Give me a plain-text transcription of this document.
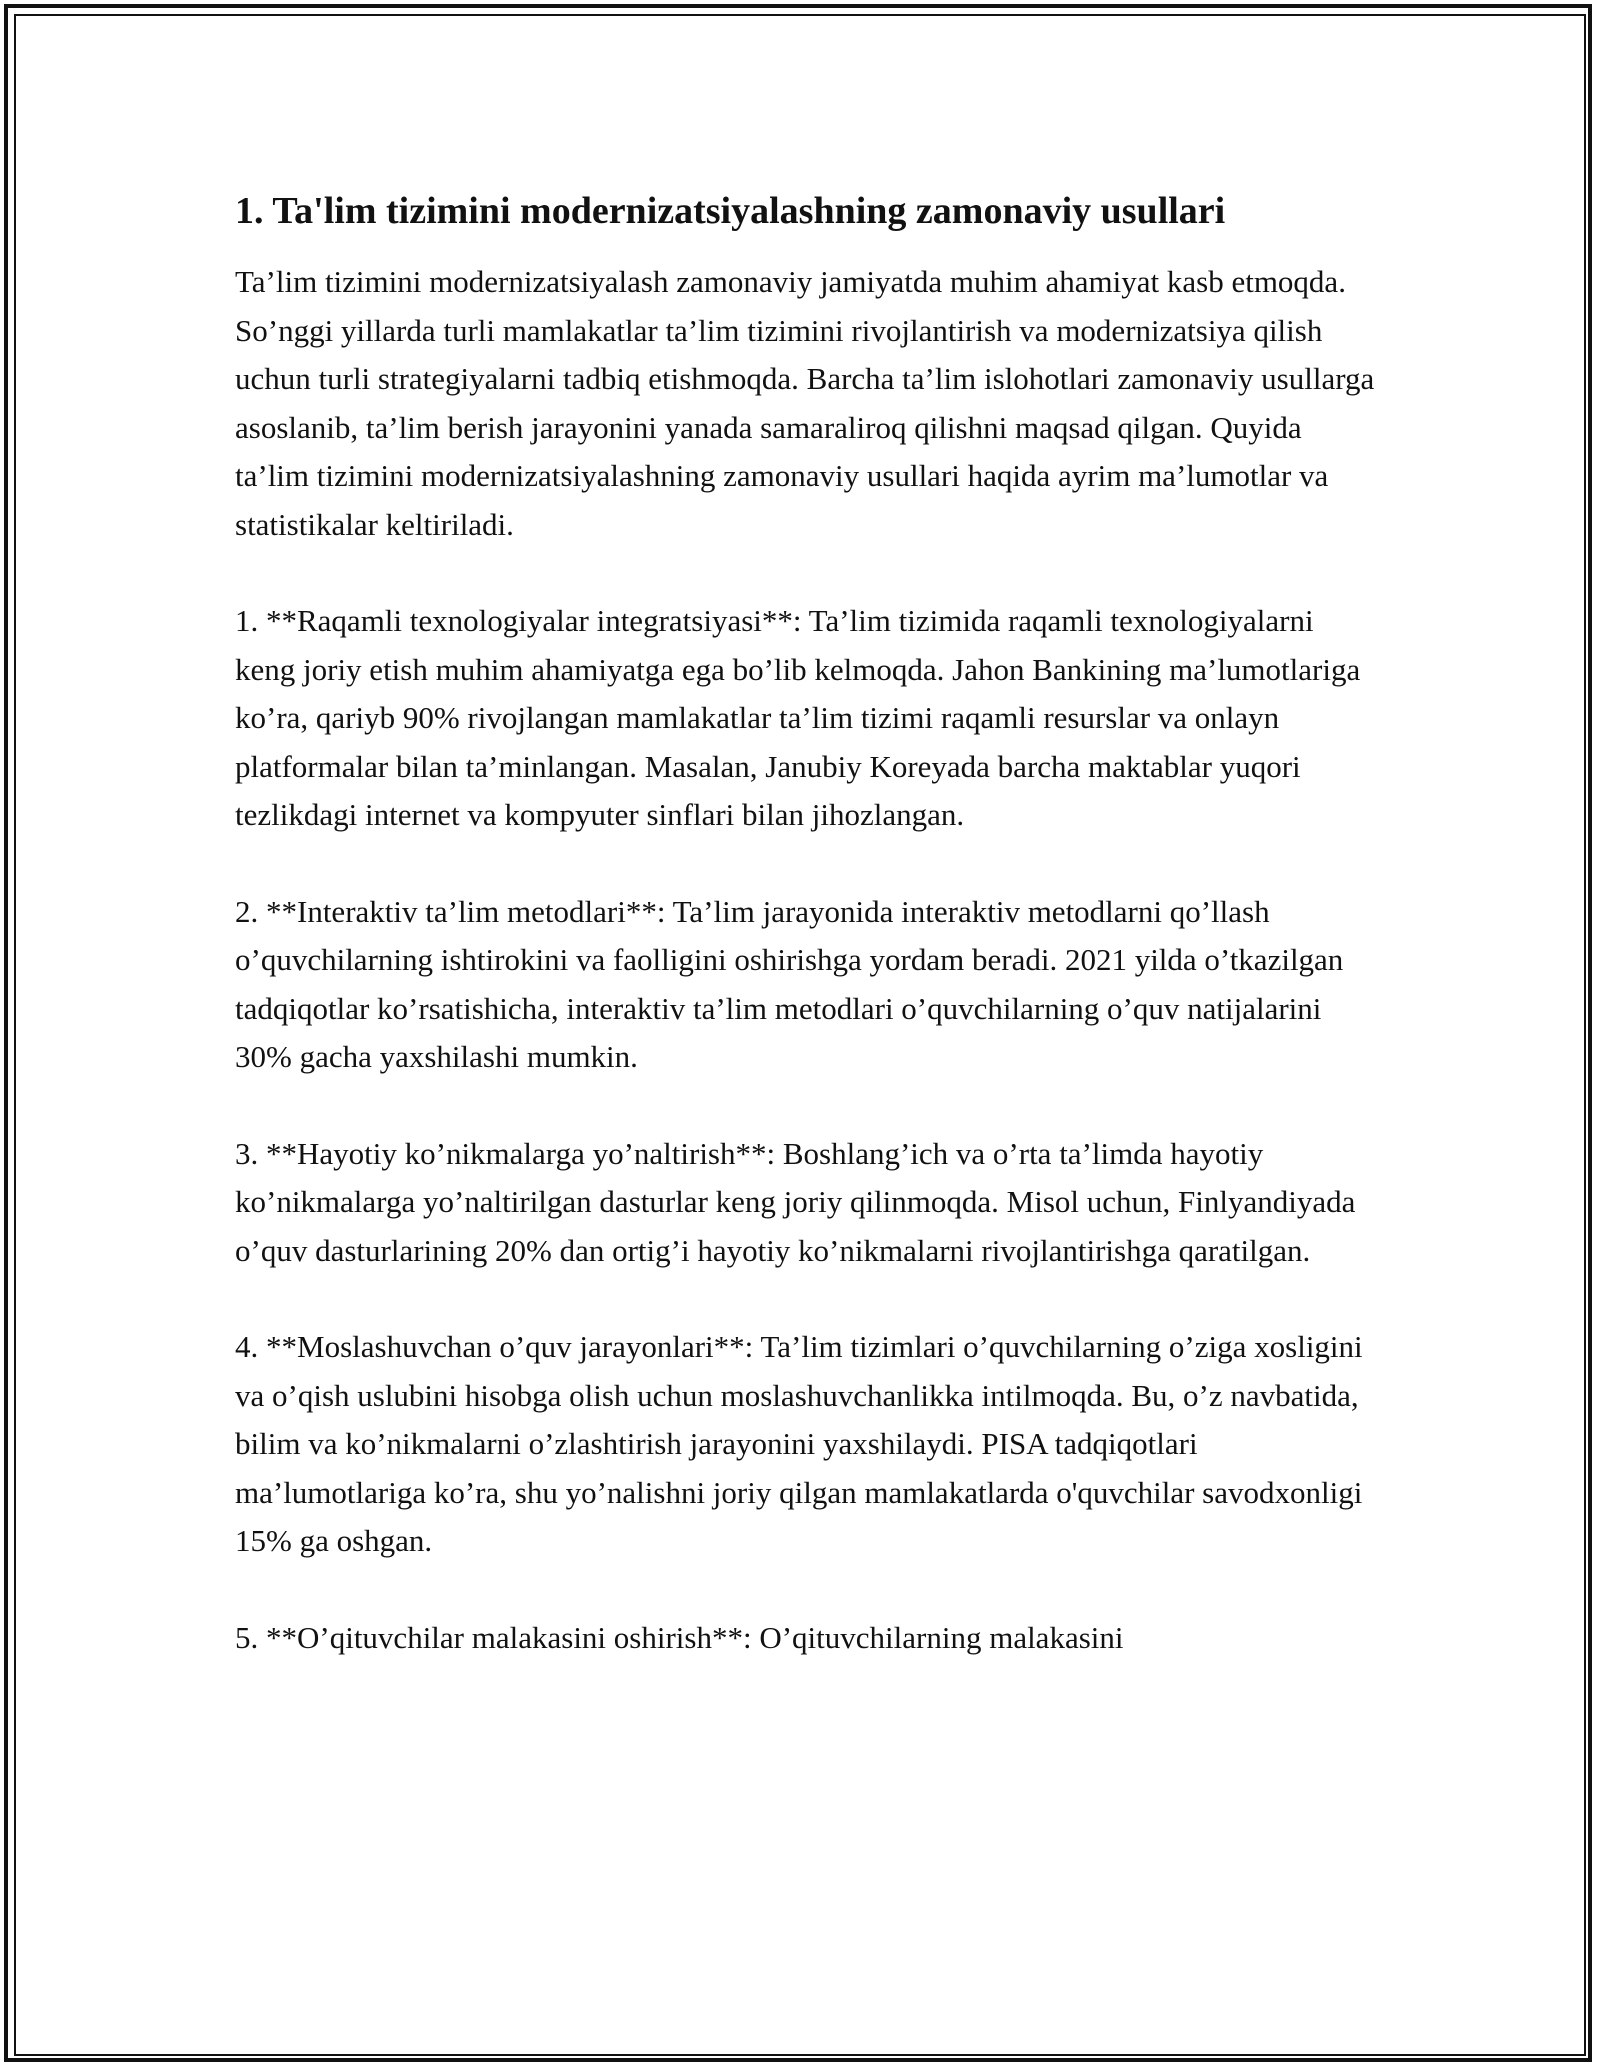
1. Ta'lim tizimini modernizatsiyalashning zamonaviy usullari

Ta’lim tizimini modernizatsiyalash zamonaviy jamiyatda muhim ahamiyat kasb etmoqda. So’nggi yillarda turli mamlakatlar ta’lim tizimini rivojlantirish va modernizatsiya qilish uchun turli strategiyalarni tadbiq etishmoqda. Barcha ta’lim islohotlari zamonaviy usullarga asoslanib, ta’lim berish jarayonini yanada samaraliroq qilishni maqsad qilgan. Quyida ta’lim tizimini modernizatsiyalashning zamonaviy usullari haqida ayrim ma’lumotlar va statistikalar keltiriladi.

1. **Raqamli texnologiyalar integratsiyasi**: Ta’lim tizimida raqamli texnologiyalarni keng joriy etish muhim ahamiyatga ega bo’lib kelmoqda. Jahon Bankining ma’lumotlariga ko’ra, qariyb 90% rivojlangan mamlakatlar ta’lim tizimi raqamli resurslar va onlayn platformalar bilan ta’minlangan. Masalan, Janubiy Koreyada barcha maktablar yuqori tezlikdagi internet va kompyuter sinflari bilan jihozlangan.

2. **Interaktiv ta’lim metodlari**: Ta’lim jarayonida interaktiv metodlarni qo’llash o’quvchilarning ishtirokini va faolligini oshirishga yordam beradi. 2021 yilda o’tkazilgan tadqiqotlar ko’rsatishicha, interaktiv ta’lim metodlari o’quvchilarning o’quv natijalarini 30% gacha yaxshilashi mumkin.

3. **Hayotiy ko’nikmalarga yo’naltirish**: Boshlang’ich va o’rta ta’limda hayotiy ko’nikmalarga yo’naltirilgan dasturlar keng joriy qilinmoqda. Misol uchun, Finlyandiyada o’quv dasturlarining 20% dan ortig’i hayotiy ko’nikmalarni rivojlantirishga qaratilgan.

4. **Moslashuvchan o’quv jarayonlari**: Ta’lim tizimlari o’quvchilarning o’ziga xosligini va o’qish uslubini hisobga olish uchun moslashuvchanlikka intilmoqda. Bu, o’z navbatida, bilim va ko’nikmalarni o’zlashtirish jarayonini yaxshilaydi. PISA tadqiqotlari ma’lumotlariga ko’ra, shu yo’nalishni joriy qilgan mamlakatlarda o'quvchilar savodxonligi 15% ga oshgan.

5. **O’qituvchilar malakasini oshirish**: O’qituvchilarning malakasini
